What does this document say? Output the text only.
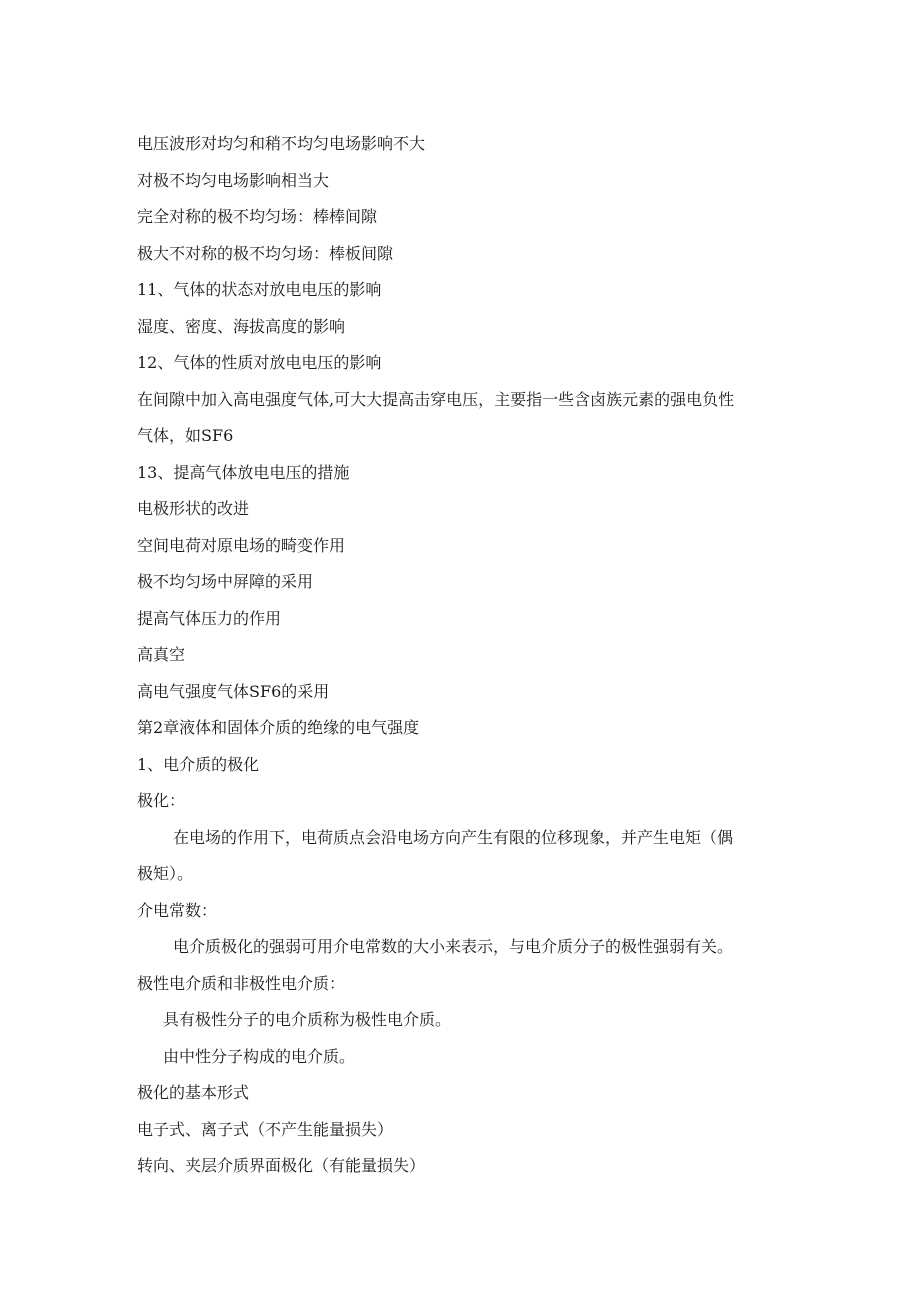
电压波形对均匀和稍不均匀电场影响不大

对极不均匀电场影响相当大

完全对称的极不均匀场：棒棒间隙

极大不对称的极不均匀场：棒板间隙

11、气体的状态对放电电压的影响

湿度、密度、海拔高度的影响

12、气体的性质对放电电压的影响

在间隙中加入高电强度气体,可大大提高击穿电压，主要指一些含卤族元素的强电负性

气体，如SF6

13、提高气体放电电压的措施

电极形状的改进

空间电荷对原电场的畸变作用

极不均匀场中屏障的采用

提高气体压力的作用

高真空

高电气强度气体SF6的采用

第2章液体和固体介质的绝缘的电气强度

1、电介质的极化

极化：

在电场的作用下，电荷质点会沿电场方向产生有限的位移现象，并产生电矩（偶

极矩）。

介电常数：

电介质极化的强弱可用介电常数的大小来表示，与电介质分子的极性强弱有关。

极性电介质和非极性电介质：

具有极性分子的电介质称为极性电介质。

由中性分子构成的电介质。

极化的基本形式

电子式、离子式（不产生能量损失）

转向、夹层介质界面极化（有能量损失）
